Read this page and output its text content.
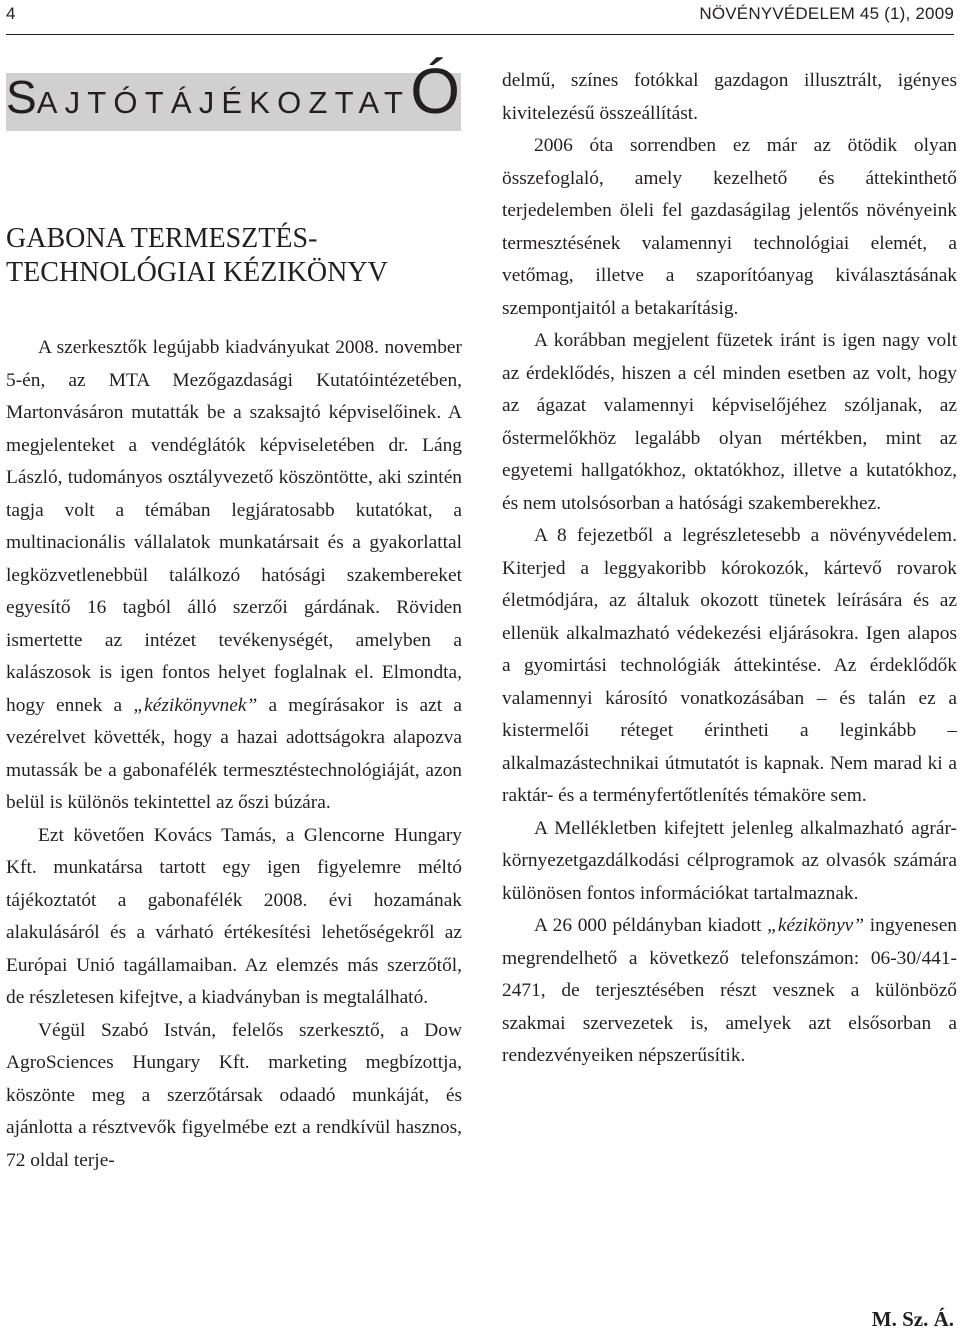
4	NÖVÉNYVÉDELEM 45 (1), 2009
SAJTÓTÁJÉKOZTATÓ
GABONA TERMESZTÉS-
TECHNOLÓGIAI KÉZIKÖNYV

A szerkesztők legújabb kiadványukat 2008. november 5-én, az MTA Mezőgazdasági Kutatóintézetében, Martonvásáron mutatták be a szaksajtó képviselőinek. A megjelenteket a vendéglátók képviseletében dr. Láng László, tudományos osztályvezető köszöntötte, aki szintén tagja volt a témában legjáratosabb kutatókat, a multinacionális vállalatok munkatársait és a gyakorlattal legközvetlenebbül találkozó hatósági szakembereket egyesítő 16 tagból álló szerzői gárdának. Röviden ismertette az intézet tevékenységét, amelyben a kalászosok is igen fontos helyet foglalnak el. Elmondta, hogy ennek a „kézikönyvnek” a megírásakor is azt a vezérelvet követték, hogy a hazai adottságokra alapozva mutassák be a gabonafélék termesztéstechnológiáját, azon belül is különös tekintettel az őszi búzára.

Ezt követően Kovács Tamás, a Glencorne Hungary Kft. munkatársa tartott egy igen figyelemre méltó tájékoztatót a gabonafélék 2008. évi hozamának alakulásáról és a várható értékesítési lehetőségekről az Európai Unió tagállamaiban. Az elemzés más szerzőtől, de részletesen kifejtve, a kiadványban is megtalálható.

Végül Szabó István, felelős szerkesztő, a Dow AgroSciences Hungary Kft. marketing megbízottja, köszönte meg a szerzőtársak odaadó munkáját, és ajánlotta a résztvevők figyelmébe ezt a rendkívül hasznos, 72 oldal terje-

delmű, színes fotókkal gazdagon illusztrált, igényes kivitelezésű összeállítást.

2006 óta sorrendben ez már az ötödik olyan összefoglaló, amely kezelhető és áttekinthető terjedelemben öleli fel gazdaságilag jelentős növényeink termesztésének valamennyi technológiai elemét, a vetőmag, illetve a szaporítóanyag kiválasztásának szempontjaitól a betakarításig.

A korábban megjelent füzetek iránt is igen nagy volt az érdeklődés, hiszen a cél minden esetben az volt, hogy az ágazat valamennyi képviselőjéhez szóljanak, az őstermelőkhöz legalább olyan mértékben, mint az egyetemi hallgatókhoz, oktatókhoz, illetve a kutatókhoz, és nem utolsósorban a hatósági szakemberekhez.

A 8 fejezetből a legrészletesebb a növényvédelem. Kiterjed a leggyakoribb kórokozók, kártevő rovarok életmódjára, az általuk okozott tünetek leírására és az ellenük alkalmazható védekezési eljárásokra. Igen alapos a gyomirtási technológiák áttekintése. Az érdeklődők valamennyi károsító vonatkozásában – és talán ez a kistermelői réteget érintheti a leginkább – alkalmazástechnikai útmutatót is kapnak. Nem marad ki a raktár- és a terményfertőtlenítés témaköre sem.

A Mellékletben kifejtett jelenleg alkalmazható agrár-környezetgazdálkodási célprogramok az olvasók számára különösen fontos információkat tartalmaznak.

A 26 000 példányban kiadott „kézikönyv” ingyenesen megrendelhető a következő telefonszámon: 06-30/441-2471, de terjesztésében részt vesznek a különböző szakmai szervezetek is, amelyek azt elsősorban a rendezvényeiken népszerűsítik.

M. Sz. Á.
